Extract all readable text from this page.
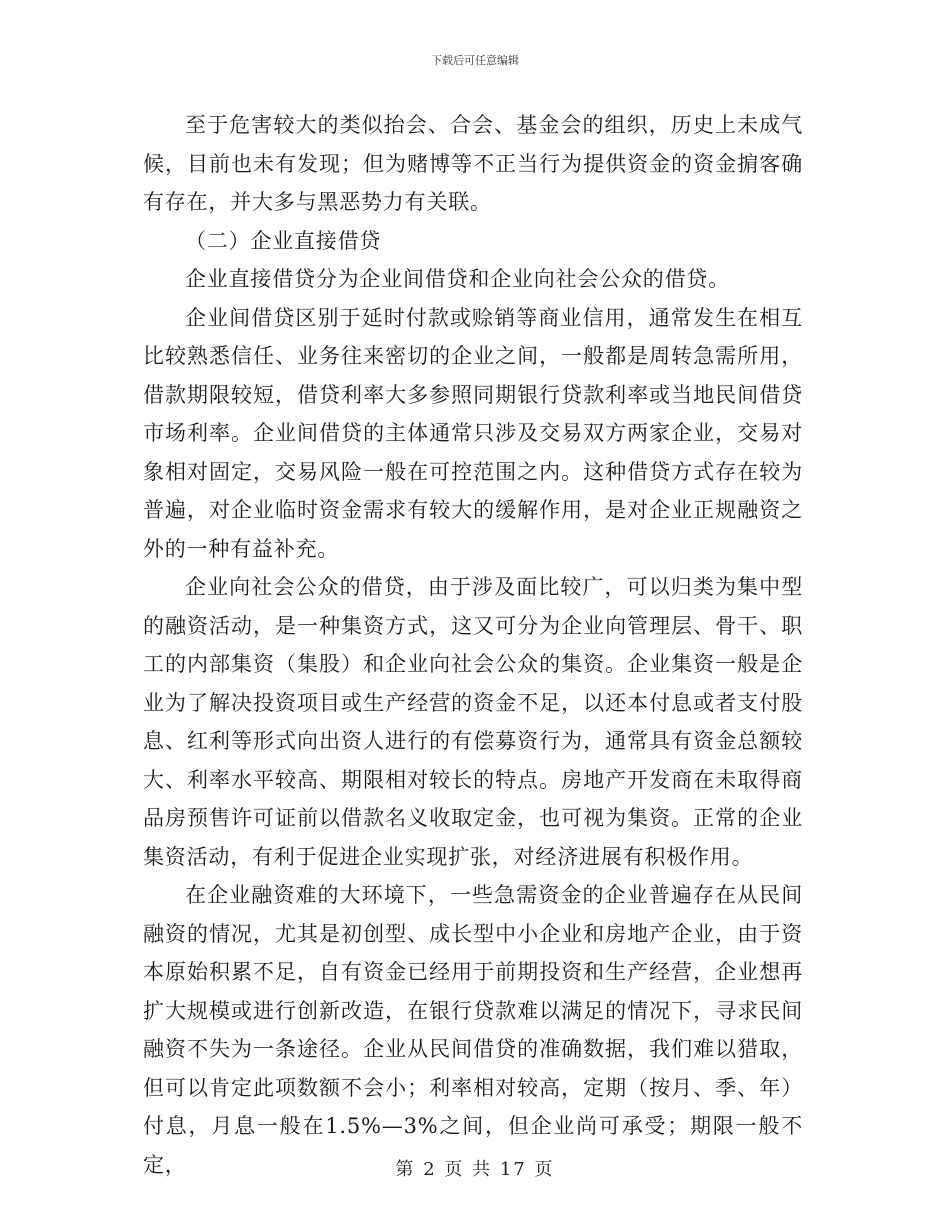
下载后可任意编辑

至于危害较大的类似抬会、合会、基金会的组织，历史上未成气候，目前也未有发现；但为赌博等不正当行为提供资金的资金掮客确有存在，并大多与黑恶势力有关联。

（二）企业直接借贷

企业直接借贷分为企业间借贷和企业向社会公众的借贷。

企业间借贷区别于延时付款或赊销等商业信用，通常发生在相互比较熟悉信任、业务往来密切的企业之间，一般都是周转急需所用，借款期限较短，借贷利率大多参照同期银行贷款利率或当地民间借贷市场利率。企业间借贷的主体通常只涉及交易双方两家企业，交易对象相对固定，交易风险一般在可控范围之内。这种借贷方式存在较为普遍，对企业临时资金需求有较大的缓解作用，是对企业正规融资之外的一种有益补充。

企业向社会公众的借贷，由于涉及面比较广，可以归类为集中型的融资活动，是一种集资方式，这又可分为企业向管理层、骨干、职工的内部集资（集股）和企业向社会公众的集资。企业集资一般是企业为了解决投资项目或生产经营的资金不足，以还本付息或者支付股息、红利等形式向出资人进行的有偿募资行为，通常具有资金总额较大、利率水平较高、期限相对较长的特点。房地产开发商在未取得商品房预售许可证前以借款名义收取定金，也可视为集资。正常的企业集资活动，有利于促进企业实现扩张，对经济进展有积极作用。

在企业融资难的大环境下，一些急需资金的企业普遍存在从民间融资的情况，尤其是初创型、成长型中小企业和房地产企业，由于资本原始积累不足，自有资金已经用于前期投资和生产经营，企业想再扩大规模或进行创新改造，在银行贷款难以满足的情况下，寻求民间融资不失为一条途径。企业从民间借贷的准确数据，我们难以猎取，但可以肯定此项数额不会小；利率相对较高，定期（按月、季、年）付息，月息一般在1.5%—3%之间，但企业尚可承受；期限一般不定，	第 2 页 共 17 页
